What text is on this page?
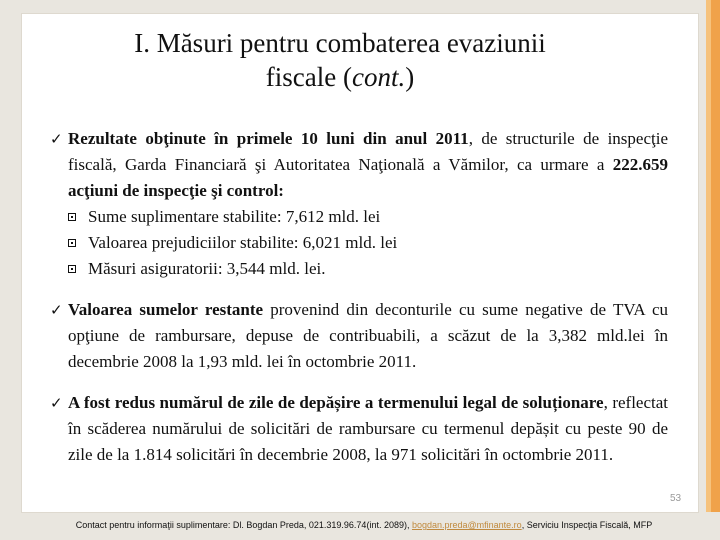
I. Măsuri pentru combaterea evaziunii
fiscale (cont.)

✓ Rezultate obţinute în primele 10 luni din anul 2011, de structurile de inspecţie fiscală, Garda Financiară şi Autoritatea Naţională a Vămilor, ca urmare a 222.659 acţiuni de inspecţie şi control:

Sume suplimentare stabilite: 7,612 mld. lei
Valoarea prejudiciilor stabilite: 6,021 mld. lei
Măsuri asiguratorii: 3,544 mld. lei.

✓ Valoarea sumelor restante provenind din deconturile cu sume negative de TVA cu opţiune de rambursare, depuse de contribuabili, a scăzut de la 3,382 mld.lei în decembrie 2008 la 1,93 mld. lei în octombrie 2011.

✓ A fost redus numărul de zile de depășire a termenului legal de soluționare, reflectat în scăderea numărului de solicitări de rambursare cu termenul depășit cu peste 90 de zile de la 1.814 solicitări în decembrie 2008, la 971 solicitări în octombrie 2011.

53
Contact pentru informaţii suplimentare: Dl. Bogdan Preda, 021.319.96.74(int. 2089), bogdan.preda@mfinante.ro, Serviciu Inspecţia Fiscală, MFP
